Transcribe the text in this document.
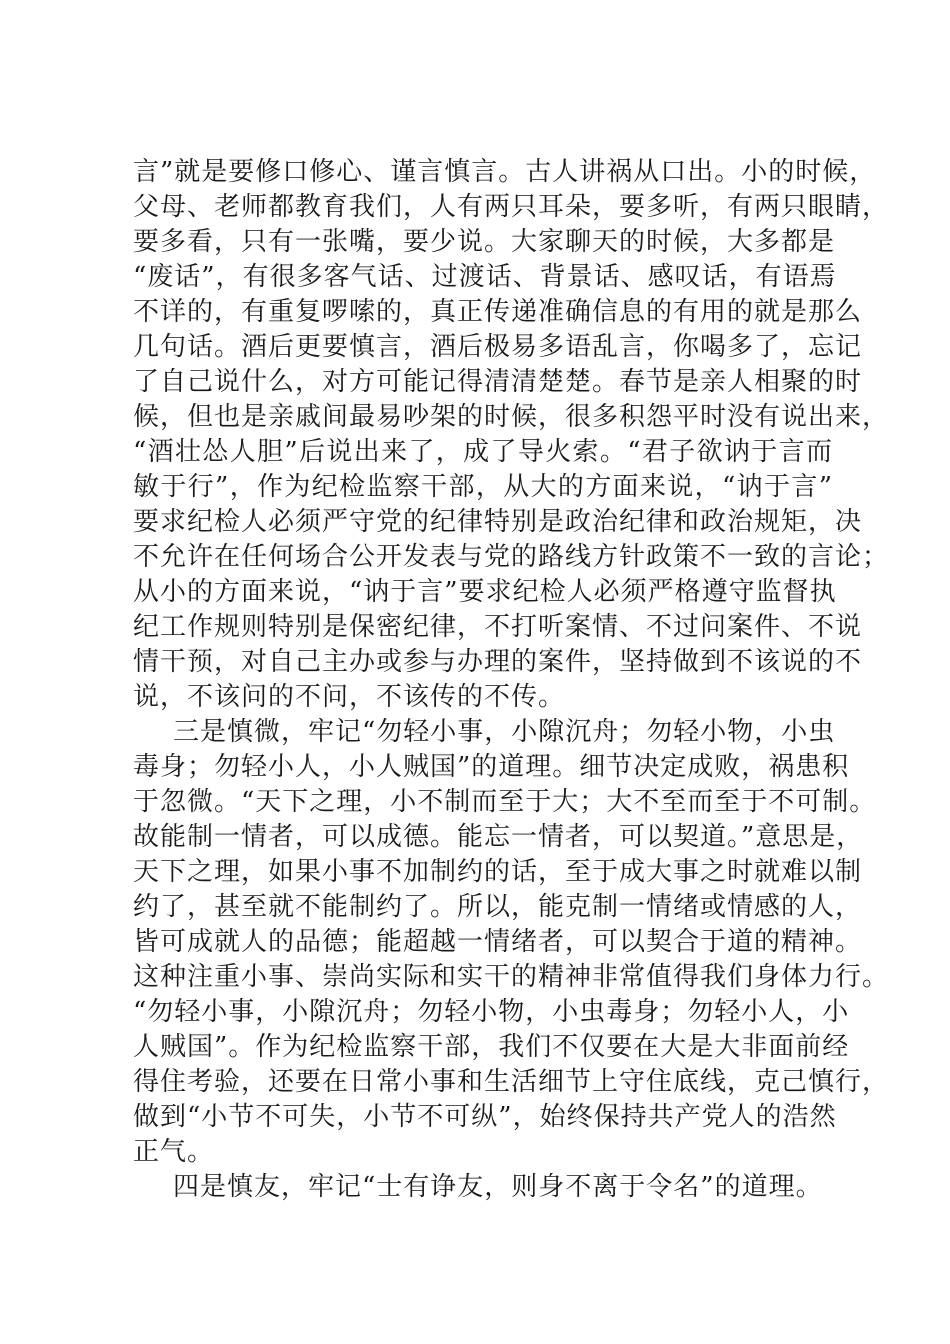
言”就是要修口修心、谨言慎言。古人讲祸从口出。小的时候，
父母、老师都教育我们，人有两只耳朵，要多听，有两只眼睛，
要多看，只有一张嘴，要少说。大家聊天的时候，大多都是
“废话”，有很多客气话、过渡话、背景话、感叹话，有语焉
不详的，有重复啰嗦的，真正传递准确信息的有用的就是那么
几句话。酒后更要慎言，酒后极易多语乱言，你喝多了，忘记
了自己说什么，对方可能记得清清楚楚。春节是亲人相聚的时
候，但也是亲戚间最易吵架的时候，很多积怨平时没有说出来，
“酒壮怂人胆”后说出来了，成了导火索。“君子欲讷于言而
敏于行”，作为纪检监察干部，从大的方面来说，“讷于言”
要求纪检人必须严守党的纪律特别是政治纪律和政治规矩，决
不允许在任何场合公开发表与党的路线方针政策不一致的言论；
从小的方面来说，“讷于言”要求纪检人必须严格遵守监督执
纪工作规则特别是保密纪律，不打听案情、不过问案件、不说
情干预，对自己主办或参与办理的案件，坚持做到不该说的不
说，不该问的不问，不该传的不传。
三是慎微，牢记“勿轻小事，小隙沉舟；勿轻小物，小虫
毒身；勿轻小人，小人贼国”的道理。细节决定成败，祸患积
于忽微。“天下之理，小不制而至于大；大不至而至于不可制。
故能制一情者，可以成德。能忘一情者，可以契道。”意思是，
天下之理，如果小事不加制约的话，至于成大事之时就难以制
约了，甚至就不能制约了。所以，能克制一情绪或情感的人，
皆可成就人的品德；能超越一情绪者，可以契合于道的精神。
这种注重小事、崇尚实际和实干的精神非常值得我们身体力行。
“勿轻小事，小隙沉舟；勿轻小物，小虫毒身；勿轻小人，小
人贼国”。作为纪检监察干部，我们不仅要在大是大非面前经
得住考验，还要在日常小事和生活细节上守住底线，克己慎行，
做到“小节不可失，小节不可纵”，始终保持共产党人的浩然
正气。
四是慎友，牢记“士有诤友，则身不离于令名”的道理。
